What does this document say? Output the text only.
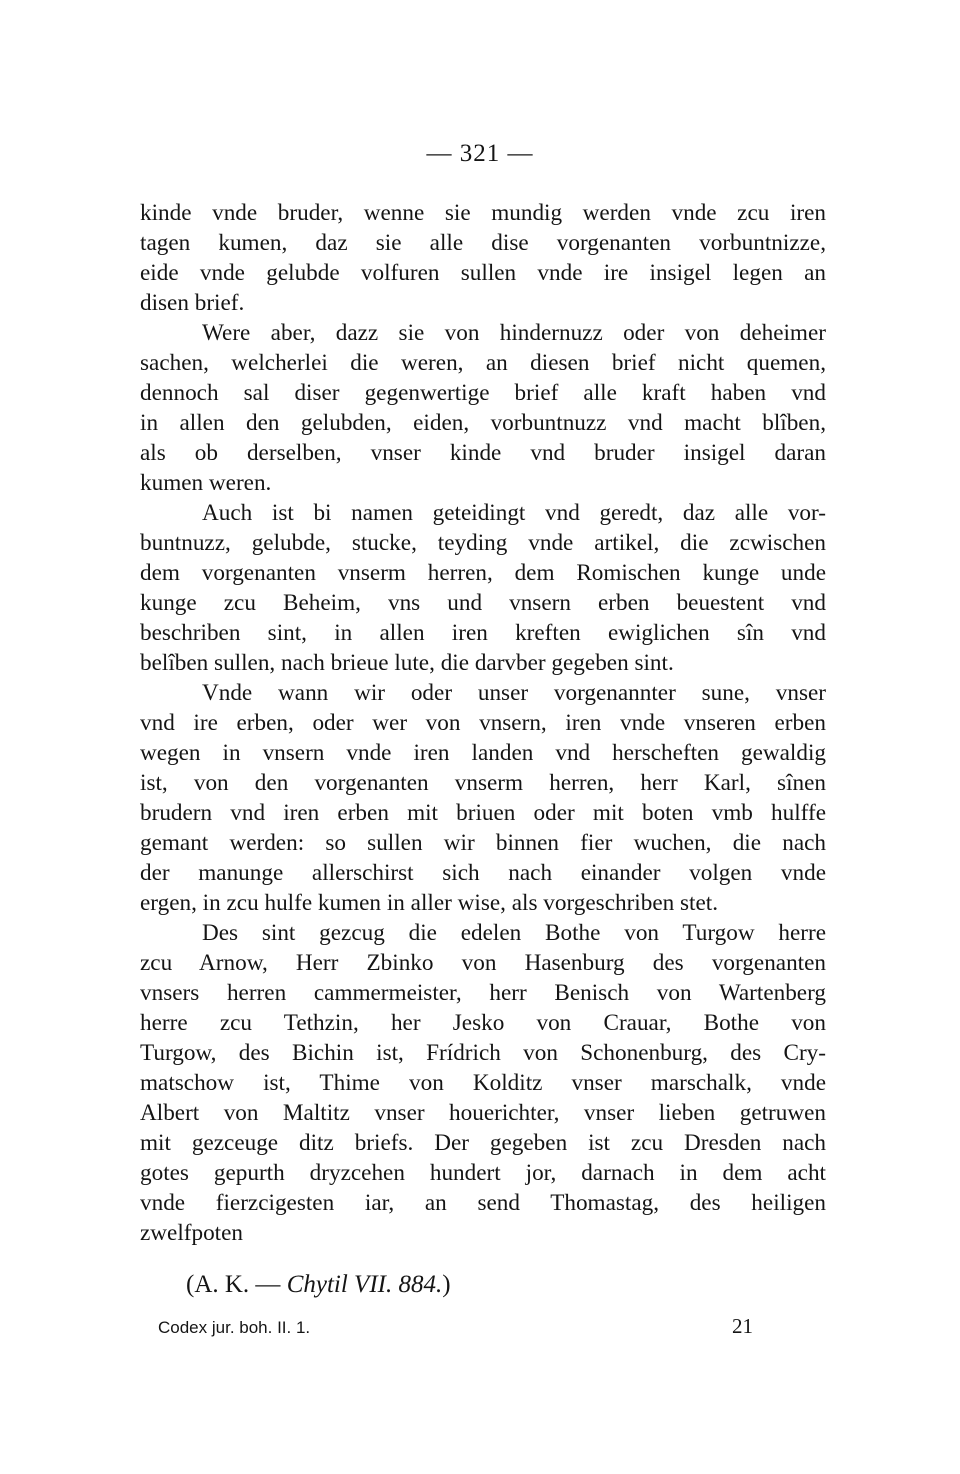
— 321 —
kinde vnde bruder, wenne sie mundig werden vnde zcu iren
tagen kumen, daz sie alle dise vorgenanten vorbuntnizze,
eide vnde gelubde volfuren sullen vnde ire insigel legen an
disen brief.
Were aber, dazz sie von hindernuzz oder von deheimer
sachen, welcherlei die weren, an diesen brief nicht quemen,
dennoch sal diser gegenwertige brief alle kraft haben vnd
in allen den gelubden, eiden, vorbuntnuzz vnd macht blîben,
als ob derselben, vnser kinde vnd bruder insigel daran
kumen weren.
Auch ist bi namen geteidingt vnd geredt, daz alle vor-
buntnuzz, gelubde, stucke, teyding vnde artikel, die zcwischen
dem vorgenanten vnserm herren, dem Romischen kunge unde
kunge zcu Beheim, vns und vnsern erben beuestent vnd
beschriben sint, in allen iren kreften ewiglichen sîn vnd
belîben sullen, nach brieue lute, die darvber gegeben sint.
Vnde wann wir oder unser vorgenannter sune, vnser
vnd ire erben, oder wer von vnsern, iren vnde vnseren erben
wegen in vnsern vnde iren landen vnd herscheften gewaldig
ist, von den vorgenanten vnserm herren, herr Karl, sînen
brudern vnd iren erben mit briuen oder mit boten vmb hulffe
gemant werden: so sullen wir binnen fier wuchen, die nach
der manunge allerschirst sich nach einander volgen vnde
ergen, in zcu hulfe kumen in aller wise, als vorgeschriben stet.
Des sint gezcug die edelen Bothe von Turgow herre
zcu Arnow, Herr Zbinko von Hasenburg des vorgenanten
vnsers herren cammermeister, herr Benisch von Wartenberg
herre zcu Tethzin, her Jesko von Crauar, Bothe von
Turgow, des Bichin ist, Frídrich von Schonenburg, des Cry-
matschow ist, Thime von Kolditz vnser marschalk, vnde
Albert von Maltitz vnser houerichter, vnser lieben getruwen
mit gezceuge ditz briefs. Der gegeben ist zcu Dresden nach
gotes gepurth dryzcehen hundert jor, darnach in dem acht
vnde fierzcigesten iar, an send Thomastag, des heiligen
zwelfpoten
(A. K. — Chytil VII. 884.)
Codex jur. boh. II. 1.	21
